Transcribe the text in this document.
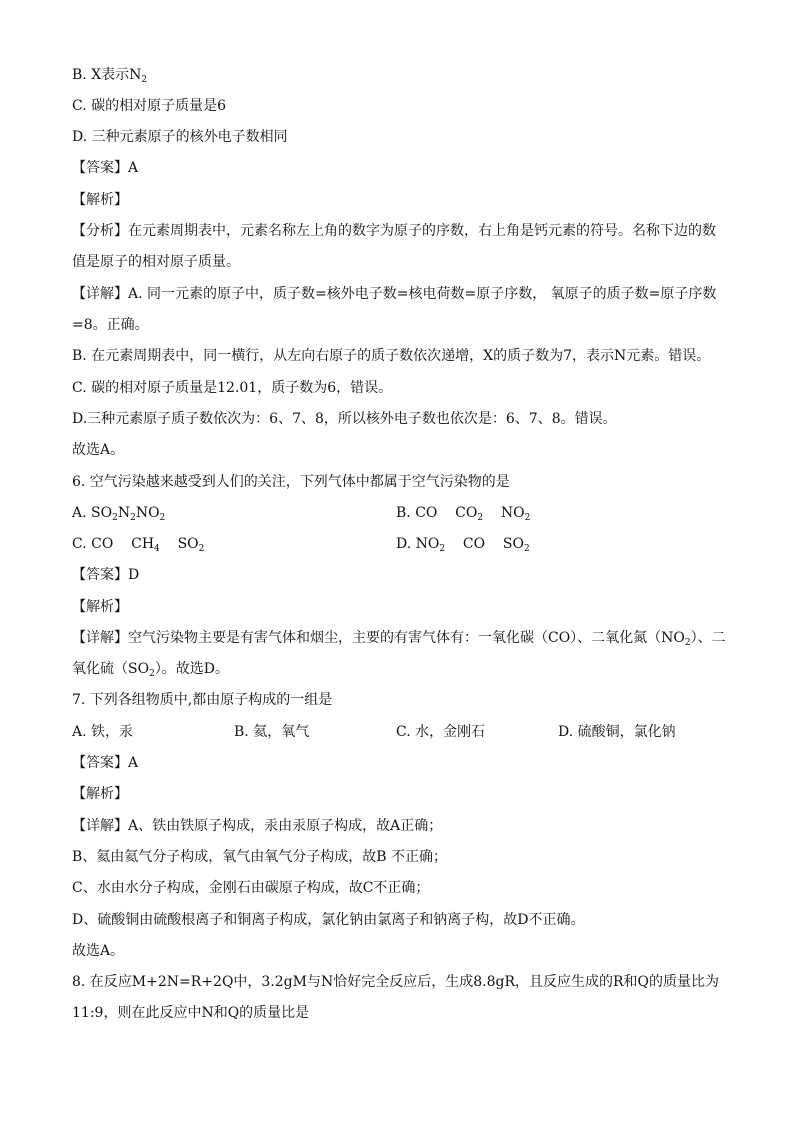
B. X表示$N_2$
C. 碳的相对原子质量是6
D. 三种元素原子的核外电子数相同
【答案】A
【解析】
【分析】在元素周期表中，元素名称左上角的数字为原子的序数，右上角是钙元素的符号。名称下边的数
值是原子的相对原子质量。
【详解】A. 同一元素的原子中，质子数=核外电子数=核电荷数=原子序数， 氧原子的质子数=原子序数
=8。正确。
B. 在元素周期表中，同一横行，从左向右原子的质子数依次递增，X的质子数为7，表示N元素。错误。
C. 碳的相对原子质量是12.01，质子数为6，错误。
D.三种元素原子质子数依次为：6、7、8，所以核外电子数也依次是：6、7、8。错误。
故选A。
6. 空气污染越来越受到人们的关注，下列气体中都属于空气污染物的是
A. $SO_2N_2NO_2$	B. CO    $CO_2$    $NO_2$
C. CO    $CH_4$    $SO_2$	D. $NO_2$    CO    $SO_2$
【答案】D
【解析】
【详解】空气污染物主要是有害气体和烟尘，主要的有害气体有：一氧化碳（CO）、二氧化氮$(NO_2)$、二
氧化硫$(SO_2)$。故选D。
7. 下列各组物质中,都由原子构成的一组是
A. 铁，汞	B. 氦，氧气	C. 水，金刚石	D. 硫酸铜，氯化钠
【答案】A
【解析】
【详解】A、铁由铁原子构成，汞由汞原子构成，故A正确；
B、氦由氦气分子构成，氧气由氧气分子构成，故B 不正确；
C、水由水分子构成，金刚石由碳原子构成，故C不正确；
D、硫酸铜由硫酸根离子和铜离子构成，氯化钠由氯离子和钠离子构，故D不正确。
故选A。
8. 在反应M+2N=R+2Q中，3.2gM与N恰好完全反应后，生成8.8gR，且反应生成的R和Q的质量比为
11:9，则在此反应中N和Q的质量比是
